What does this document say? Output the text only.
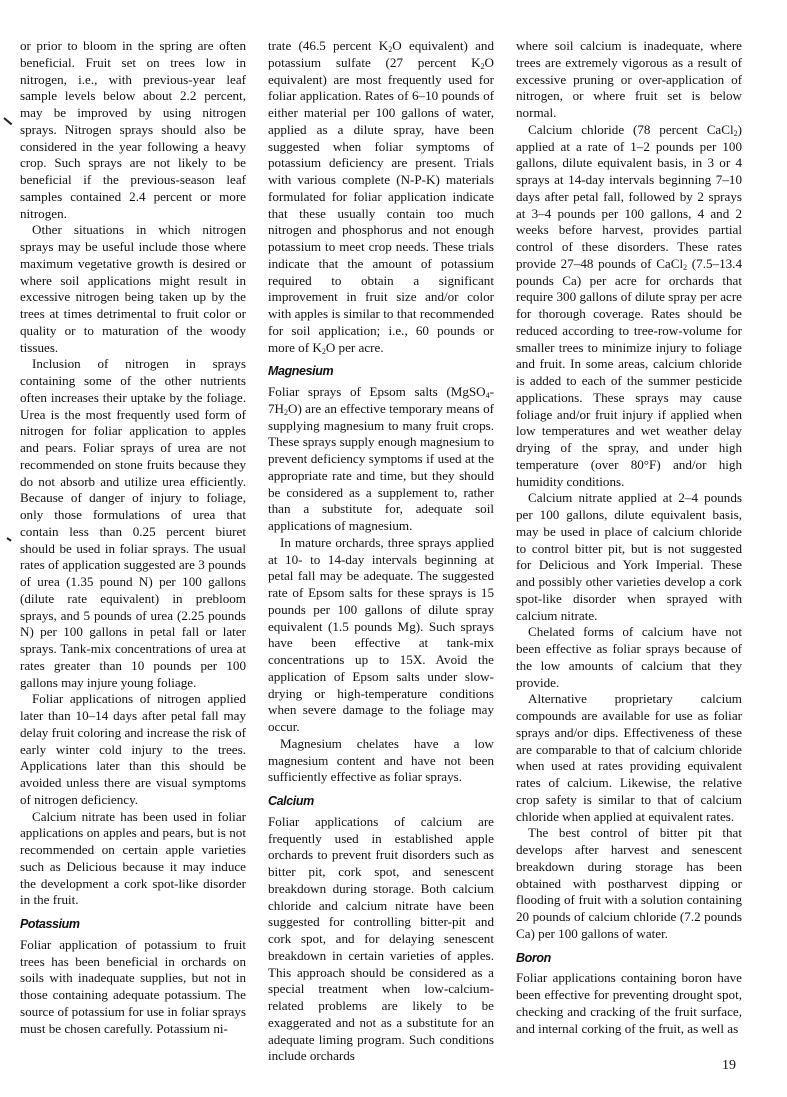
or prior to bloom in the spring are often beneficial. Fruit set on trees low in nitrogen, i.e., with previous-year leaf sample levels below about 2.2 percent, may be improved by using nitrogen sprays. Nitrogen sprays should also be considered in the year following a heavy crop. Such sprays are not likely to be beneficial if the previous-season leaf samples contained 2.4 percent or more nitrogen.

Other situations in which nitrogen sprays may be useful include those where maximum vegetative growth is desired or where soil applications might result in excessive nitrogen being taken up by the trees at times detrimental to fruit color or quality or to maturation of the woody tissues.

Inclusion of nitrogen in sprays containing some of the other nutrients often increases their uptake by the foliage. Urea is the most frequently used form of nitrogen for foliar application to apples and pears. Foliar sprays of urea are not recommended on stone fruits because they do not absorb and utilize urea efficiently. Because of danger of injury to foliage, only those formulations of urea that contain less than 0.25 percent biuret should be used in foliar sprays. The usual rates of application suggested are 3 pounds of urea (1.35 pound N) per 100 gallons (dilute rate equivalent) in prebloom sprays, and 5 pounds of urea (2.25 pounds N) per 100 gallons in petal fall or later sprays. Tank-mix concentrations of urea at rates greater than 10 pounds per 100 gallons may injure young foliage.

Foliar applications of nitrogen applied later than 10–14 days after petal fall may delay fruit coloring and increase the risk of early winter cold injury to the trees. Applications later than this should be avoided unless there are visual symptoms of nitrogen deficiency.

Calcium nitrate has been used in foliar applications on apples and pears, but is not recommended on certain apple varieties such as Delicious because it may induce the development a cork spot-like disorder in the fruit.

Potassium

Foliar application of potassium to fruit trees has been beneficial in orchards on soils with inadequate supplies, but not in those containing adequate potassium. The source of potassium for use in foliar sprays must be chosen carefully. Potassium ni-

trate (46.5 percent $K_2O$ equivalent) and potassium sulfate (27 percent $K_2O$ equivalent) are most frequently used for foliar application. Rates of 6–10 pounds of either material per 100 gallons of water, applied as a dilute spray, have been suggested when foliar symptoms of potassium deficiency are present. Trials with various complete (N-P-K) materials formulated for foliar application indicate that these usually contain too much nitrogen and phosphorus and not enough potassium to meet crop needs. These trials indicate that the amount of potassium required to obtain a significant improvement in fruit size and/or color with apples is similar to that recommended for soil application; i.e., 60 pounds or more of $K_2O$ per acre.

Magnesium

Foliar sprays of Epsom salts $(MgSO_4-7H_2O)$ are an effective temporary means of supplying magnesium to many fruit crops. These sprays supply enough magnesium to prevent deficiency symptoms if used at the appropriate rate and time, but they should be considered as a supplement to, rather than a substitute for, adequate soil applications of magnesium.

In mature orchards, three sprays applied at 10- to 14-day intervals beginning at petal fall may be adequate. The suggested rate of Epsom salts for these sprays is 15 pounds per 100 gallons of dilute spray equivalent (1.5 pounds Mg). Such sprays have been effective at tank-mix concentrations up to 15X. Avoid the application of Epsom salts under slow-drying or high-temperature conditions when severe damage to the foliage may occur.

Magnesium chelates have a low magnesium content and have not been sufficiently effective as foliar sprays.

Calcium

Foliar applications of calcium are frequently used in established apple orchards to prevent fruit disorders such as bitter pit, cork spot, and senescent breakdown during storage. Both calcium chloride and calcium nitrate have been suggested for controlling bitter-pit and cork spot, and for delaying senescent breakdown in certain varieties of apples. This approach should be considered as a special treatment when low-calcium-related problems are likely to be exaggerated and not as a substitute for an adequate liming program. Such conditions include orchards

where soil calcium is inadequate, where trees are extremely vigorous as a result of excessive pruning or over-application of nitrogen, or where fruit set is below normal.

Calcium chloride (78 percent CaCl$_2$) applied at a rate of 1–2 pounds per 100 gallons, dilute equivalent basis, in 3 or 4 sprays at 14-day intervals beginning 7–10 days after petal fall, followed by 2 sprays at 3–4 pounds per 100 gallons, 4 and 2 weeks before harvest, provides partial control of these disorders. These rates provide 27–48 pounds of CaCl$_2$ (7.5–13.4 pounds Ca) per acre for orchards that require 300 gallons of dilute spray per acre for thorough coverage. Rates should be reduced according to tree-row-volume for smaller trees to minimize injury to foliage and fruit. In some areas, calcium chloride is added to each of the summer pesticide applications. These sprays may cause foliage and/or fruit injury if applied when low temperatures and wet weather delay drying of the spray, and under high temperature (over 80°F) and/or high humidity conditions.

Calcium nitrate applied at 2–4 pounds per 100 gallons, dilute equivalent basis, may be used in place of calcium chloride to control bitter pit, but is not suggested for Delicious and York Imperial. These and possibly other varieties develop a cork spot-like disorder when sprayed with calcium nitrate.

Chelated forms of calcium have not been effective as foliar sprays because of the low amounts of calcium that they provide.

Alternative proprietary calcium compounds are available for use as foliar sprays and/or dips. Effectiveness of these are comparable to that of calcium chloride when used at rates providing equivalent rates of calcium. Likewise, the relative crop safety is similar to that of calcium chloride when applied at equivalent rates.

The best control of bitter pit that develops after harvest and senescent breakdown during storage has been obtained with postharvest dipping or flooding of fruit with a solution containing 20 pounds of calcium chloride (7.2 pounds Ca) per 100 gallons of water.

Boron

Foliar applications containing boron have been effective for preventing drought spot, checking and cracking of the fruit surface, and internal corking of the fruit, as well as

19
